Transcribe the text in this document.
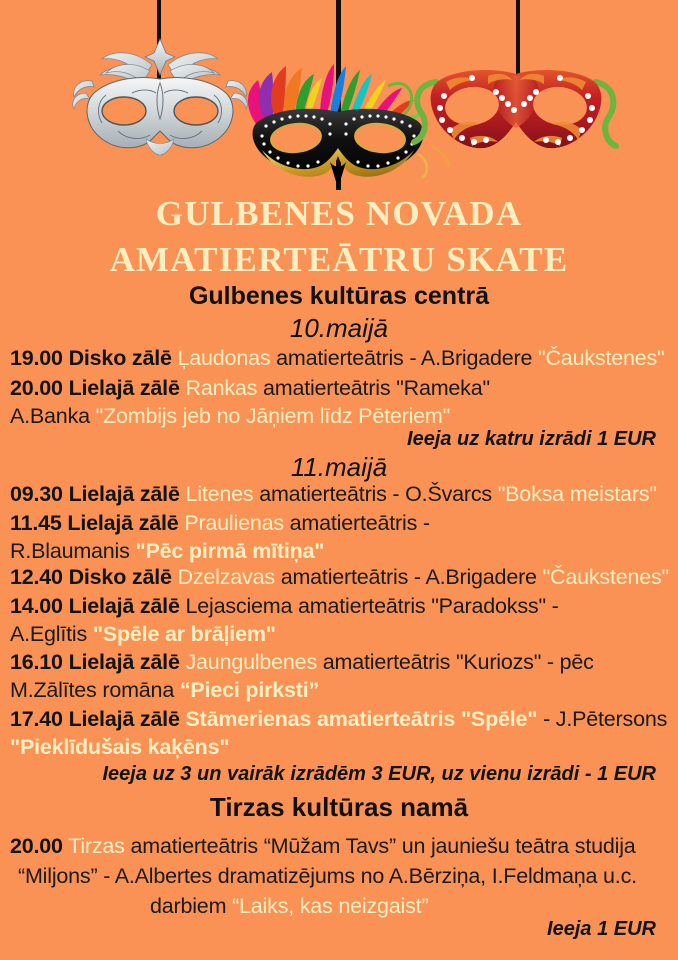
GULBENES NOVADA
AMATIERTEĀTRU SKATE
Gulbenes kultūras centrā
10.maijā
19.00 Disko zālē Ļaudonas amatierteātris - A.Brigadere "Čaukstenes"
20.00 Lielajā zālē Rankas amatierteātris "Rameka"
A.Banka "Zombijs jeb no Jāņiem līdz Pēteriem"
Ieeja uz katru izrādi 1 EUR
11.maijā
09.30 Lielajā zālē Litenes amatierteātris - O.Švarcs "Boksa meistars"
11.45 Lielajā zālē Praulienas amatierteātris -
R.Blaumanis "Pēc pirmā mītiņa"
12.40 Disko zālē Dzelzavas amatierteātris - A.Brigadere "Čaukstenes"
14.00 Lielajā zālē Lejasciema amatierteātris "Paradokss" -
A.Eglītis "Spēle ar brāļiem"
16.10 Lielajā zālē Jaungulbenes amatierteātris "Kuriozs" - pēc
M.Zālītes romāna “Pieci pirksti”
17.40 Lielajā zālē Stāmerienas amatierteātris "Spēle" - J.Pētersons
"Pieklīdušais kaķēns"
Ieeja uz 3 un vairāk izrādēm 3 EUR, uz vienu izrādi - 1 EUR
Tirzas kultūras namā
20.00 Tirzas amatierteātris “Mūžam Tavs” un jauniešu teātra studija
“Miljons” - A.Albertes dramatizējums no A.Bērziņa, I.Feldmaņa u.c.
darbiem “Laiks, kas neizgaist”
Ieeja 1 EUR
